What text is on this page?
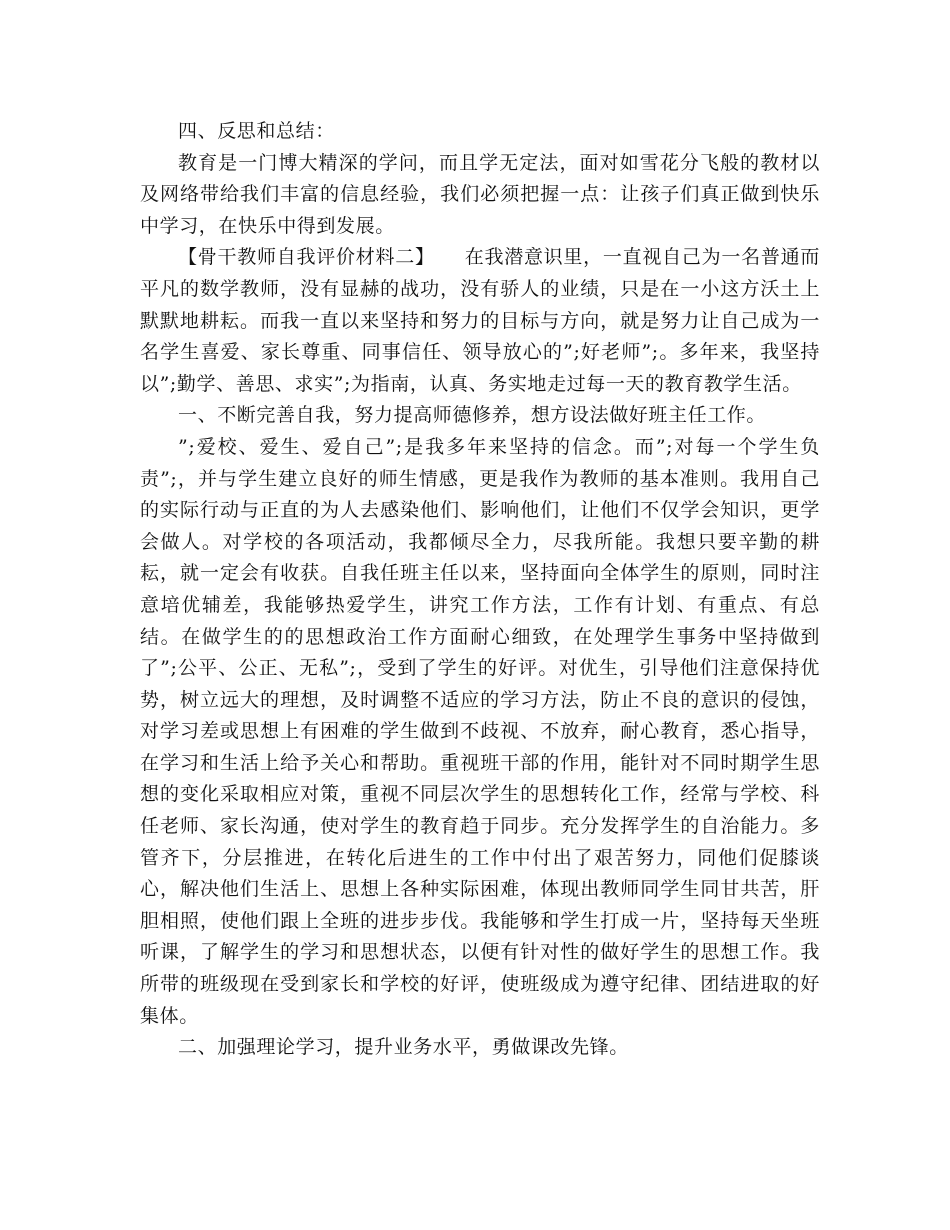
四、反思和总结：

教育是一门博大精深的学问，而且学无定法，面对如雪花分飞般的教材以及网络带给我们丰富的信息经验，我们必须把握一点：让孩子们真正做到快乐中学习，在快乐中得到发展。

【骨干教师自我评价材料二】　　在我潜意识里，一直视自己为一名普通而平凡的数学教师，没有显赫的战功，没有骄人的业绩，只是在一小这方沃土上默默地耕耘。而我一直以来坚持和努力的目标与方向，就是努力让自己成为一名学生喜爱、家长尊重、同事信任、领导放心的”;好老师”;。多年来，我坚持以”;勤学、善思、求实”;为指南，认真、务实地走过每一天的教育教学生活。

一、不断完善自我，努力提高师德修养，想方设法做好班主任工作。

”;爱校、爱生、爱自己”;是我多年来坚持的信念。而”;对每一个学生负责”;，并与学生建立良好的师生情感，更是我作为教师的基本准则。我用自己的实际行动与正直的为人去感染他们、影响他们，让他们不仅学会知识，更学会做人。对学校的各项活动，我都倾尽全力，尽我所能。我想只要辛勤的耕耘，就一定会有收获。自我任班主任以来，坚持面向全体学生的原则，同时注意培优辅差，我能够热爱学生，讲究工作方法，工作有计划、有重点、有总结。在做学生的的思想政治工作方面耐心细致，在处理学生事务中坚持做到了”;公平、公正、无私”;，受到了学生的好评。对优生，引导他们注意保持优势，树立远大的理想，及时调整不适应的学习方法，防止不良的意识的侵蚀，对学习差或思想上有困难的学生做到不歧视、不放弃，耐心教育，悉心指导，在学习和生活上给予关心和帮助。重视班干部的作用，能针对不同时期学生思想的变化采取相应对策，重视不同层次学生的思想转化工作，经常与学校、科任老师、家长沟通，使对学生的教育趋于同步。充分发挥学生的自治能力。多管齐下，分层推进，在转化后进生的工作中付出了艰苦努力，同他们促膝谈心，解决他们生活上、思想上各种实际困难，体现出教师同学生同甘共苦，肝胆相照，使他们跟上全班的进步步伐。我能够和学生打成一片，坚持每天坐班听课，了解学生的学习和思想状态，以便有针对性的做好学生的思想工作。我所带的班级现在受到家长和学校的好评，使班级成为遵守纪律、团结进取的好集体。

二、加强理论学习，提升业务水平，勇做课改先锋。
